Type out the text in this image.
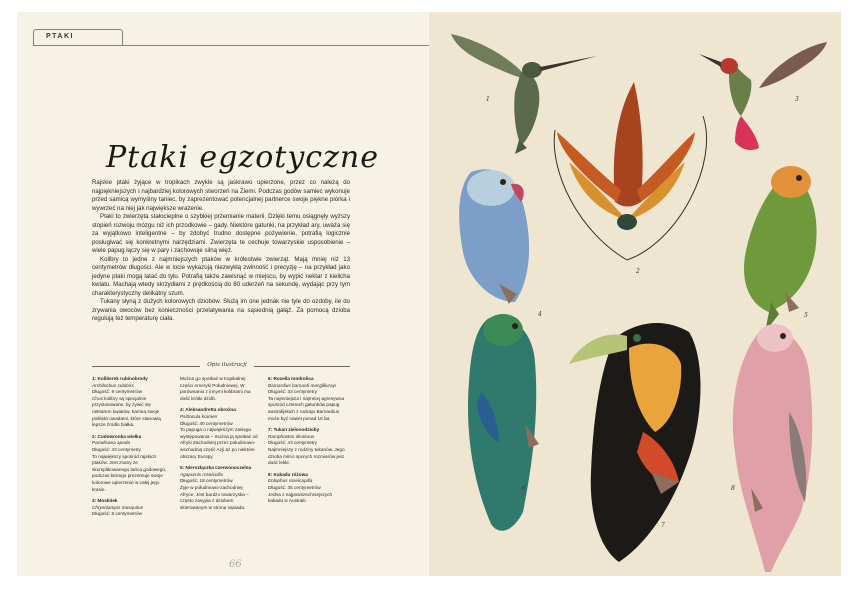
PTAKI
Ptaki egzotyczne

Rajskie ptaki żyjące w tropikach zwykle są jaskrawo upierzone, przez co należą do najpiękniejszych i najbardziej kolorowych stworzeń na Ziemi. Podczas godów samiec wykonuje przed samicą wymyślny taniec, by zaprezentować potencjalnej partnerce swoje piękne piórka i wywrzeć na niej jak największe wrażenie.

Ptaki to zwierzęta stałocieplne o szybkiej przemianie materii. Dzięki temu osiągnęły wyższy stopień rozwoju mózgu niż ich przodkowie – gady. Niektóre gatunki, na przykład ary, uważa się za wyjątkowo inteligentne – by zdobyć trudno dostępne pożywienie, potrafią logicznie posługiwać się konkretnymi narzędziami. Zwierzęta te cechuje towarzyskie usposobienie – wiele papug łączy się w pary i zachowuje silną więź.

Kolibry to jedne z najmniejszych ptaków w królestwie zwierząt. Mają mniej niż 13 centymetrów długości. Ale w locie wykazują niezwykłą zwinność i precyzję – na przykład jako jedyne ptaki mogą latać do tyłu. Potrafią także zawisnąć w miejscu, by wypić nektar z kielicha kwiatu. Machają wtedy skrzydłami z prędkością do 80 uderzeń na sekundę, wydając przy tym charakterystyczny delikatny szum.

Tukany słyną z dużych kolorowych dziobów. Służą im one jednak nie tyle do ozdoby, ile do zrywania owoców bez konieczności przelatywania na sąsiednią gałąź. Za pomocą dzioba regulują też temperaturę ciała.

Opis ilustracji
1: Koliberek rubinobrody
Archilochus colubris
Długość: 9 centymetrów
Choć kolibry są specjalnie przystosowane, by żywić się nektarem kwiatów, karmią swoje pisklęta owadami, które stanowią lepsze źródło białka.
2: Cudowronka wielka
Paradisaea apoda
Długość: 43 centymetry
To największy spośród rajskich ptaków. Jest znany ze skomplikowanego tańca godowego, podczas którego prezentuje swoje kolorowe upierzenie w całej jego krasie.
3: Moskitek
Chrysolampis mosquitus
Długość: 8 centymetrów
Można go spotkać w tropikalnej części Ameryki Południowej. W porównaniu z innymi kolibrami ma dość krótki dziób.
4: Aleksandretta obrożna
Psittacula krameri
Długość: 40 centymetrów
To papuga o największym zasięgu występowania – można ją spotkać od Afryki Zachodniej przez południowo-wschodnią część Azji aż po niektóre obszary Europy.
5: Nierozłączka czerwonoczelna
Agapornis roseicollis
Długość: 18 centymetrów
Żyje w południowo-zachodniej Afryce. Jest bardzo towarzyska – często zasypia z dziobem skierowanym w stronę sąsiada.
6: Rozella modrolica
Barnardius barnardi macgillivrayi
Długość: 33 centymetry
Ta najmniejsza i najmniej agresywna spośród czterech gatunków papug australijskich z rodzaju Barnardius może być nawet ponad 15 lat.
7: Tukan zielonodzioby
Ramphastos dicolorus
Długość: 43 centymetry
Najmniejszy z rodziny tukanów. Jego dzioba mimo sporych rozmiarów jest dość lekki.
8: Kakadu różowa
Eolophus roseicapilla
Długość: 35 centymetrów
Jedna z najpowszechniejszych kakadu w Australii.
66
1
2
3
4	5
6
7
8
